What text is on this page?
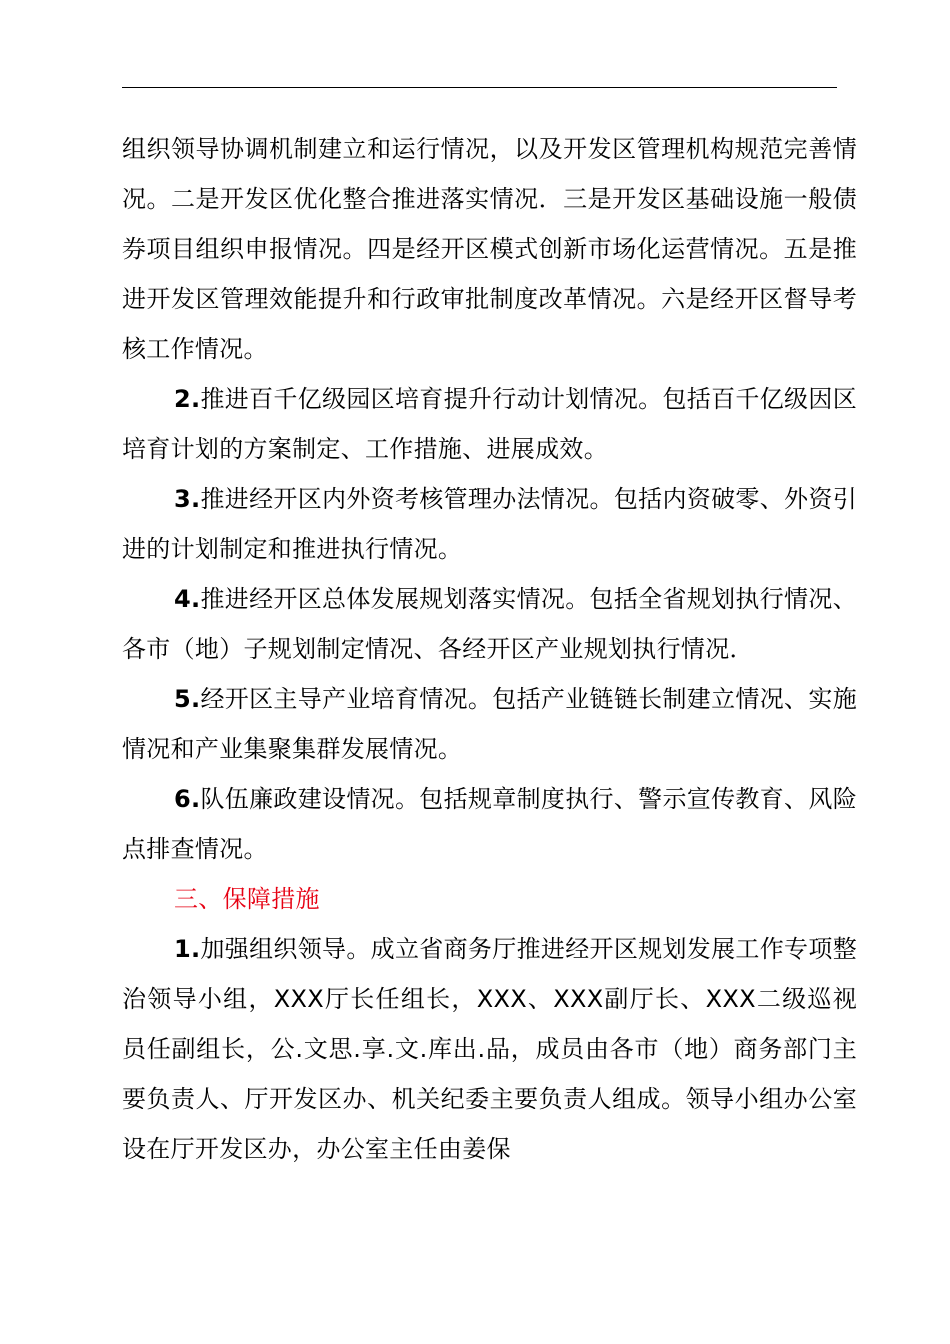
组织领导协调机制建立和运行情况，以及开发区管理机构规范完善情况。二是开发区优化整合推进落实情况．三是开发区基础设施一般债券项目组织申报情况。四是经开区模式创新市场化运营情况。五是推进开发区管理效能提升和行政审批制度改革情况。六是经开区督导考核工作情况。

2.推进百千亿级园区培育提升行动计划情况。包括百千亿级因区培育计划的方案制定、工作措施、进展成效。

3.推进经开区内外资考核管理办法情况。包括内资破零、外资引进的计划制定和推进执行情况。

4.推进经开区总体发展规划落实情况。包括全省规划执行情况、各市（地）子规划制定情况、各经开区产业规划执行情况．

5.经开区主导产业培育情况。包括产业链链长制建立情况、实施情况和产业集聚集群发展情况。

6.队伍廉政建设情况。包括规章制度执行、警示宣传教育、风险点排查情况。

三、保障措施

1.加强组织领导。成立省商务厅推进经开区规划发展工作专项整治领导小组，XXX厅长任组长，XXX、XXX副厅长、XXX二级巡视员任副组长，公.文思.享.文.库出.品，成员由各市（地）商务部门主要负责人、厅开发区办、机关纪委主要负责人组成。领导小组办公室设在厅开发区办，办公室主任由姜保
